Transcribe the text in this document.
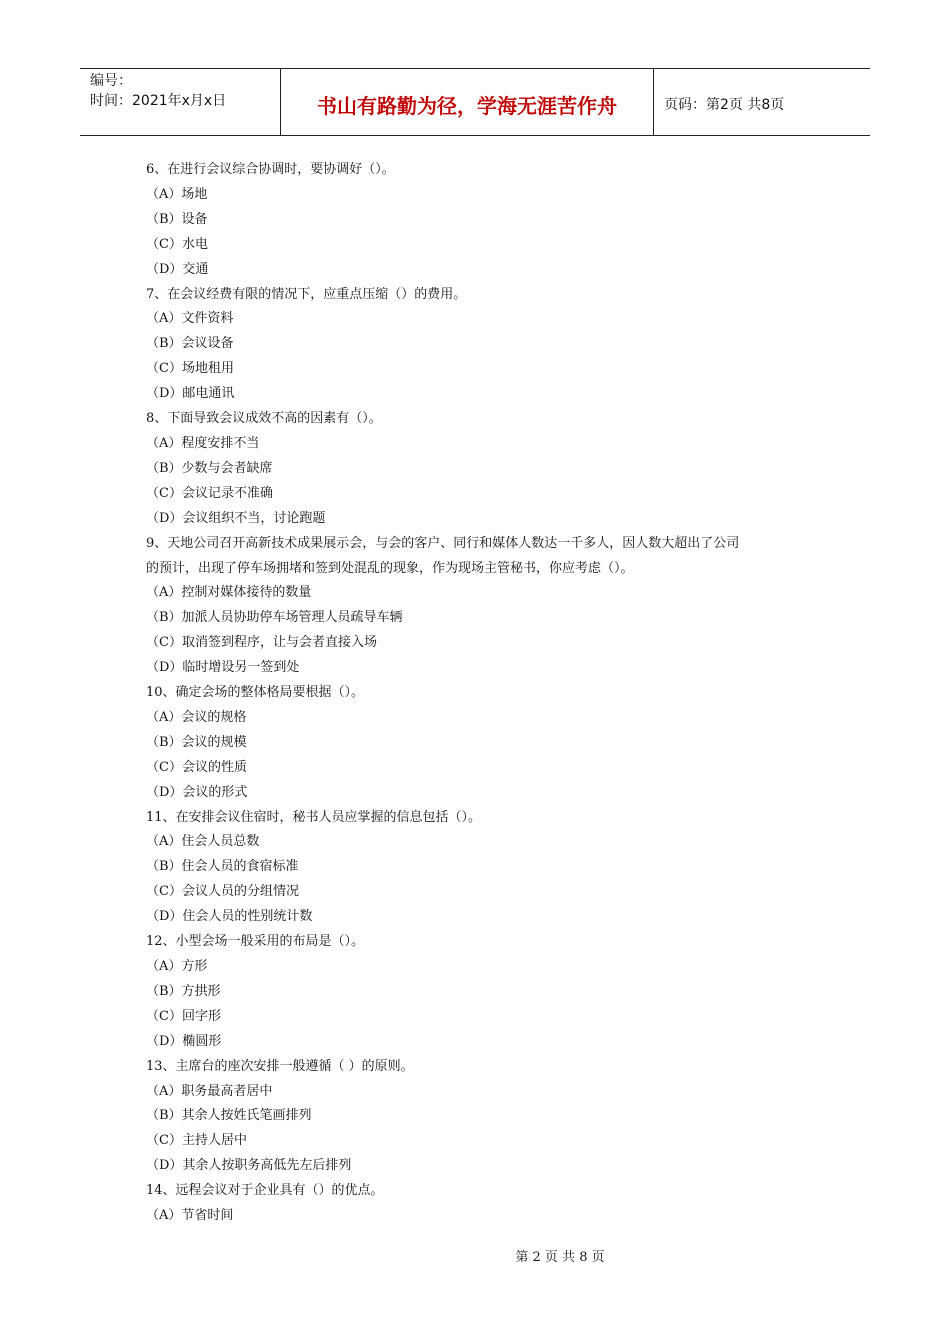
编号：
时间：2021年x月x日	书山有路勤为径，学海无涯苦作舟	页码：第2页 共8页
6、在进行会议综合协调时，要协调好（）。
（A）场地
（B）设备
（C）水电
（D）交通
7、在会议经费有限的情况下，应重点压缩（）的费用。
（A）文件资料
（B）会议设备
（C）场地租用
（D）邮电通讯
8、下面导致会议成效不高的因素有（）。
（A）程度安排不当
（B）少数与会者缺席
（C）会议记录不准确
（D）会议组织不当，讨论跑题
9、天地公司召开高新技术成果展示会，与会的客户、同行和媒体人数达一千多人，因人数大超出了公司
的预计，出现了停车场拥堵和签到处混乱的现象，作为现场主管秘书，你应考虑（）。
（A）控制对媒体接待的数量
（B）加派人员协助停车场管理人员疏导车辆
（C）取消签到程序，让与会者直接入场
（D）临时增设另一签到处
10、确定会场的整体格局要根据（）。
（A）会议的规格
（B）会议的规模
（C）会议的性质
（D）会议的形式
11、在安排会议住宿时，秘书人员应掌握的信息包括（）。
（A）住会人员总数
（B）住会人员的食宿标准
（C）会议人员的分组情况
（D）住会人员的性别统计数
12、小型会场一般采用的布局是（）。
（A）方形
（B）方拱形
（C）回字形
（D）椭圆形
13、主席台的座次安排一般遵循（ ）的原则。
（A）职务最高者居中
（B）其余人按姓氏笔画排列
（C）主持人居中
（D）其余人按职务高低先左后排列
14、远程会议对于企业具有（）的优点。
（A）节省时间
第 2 页 共 8 页
